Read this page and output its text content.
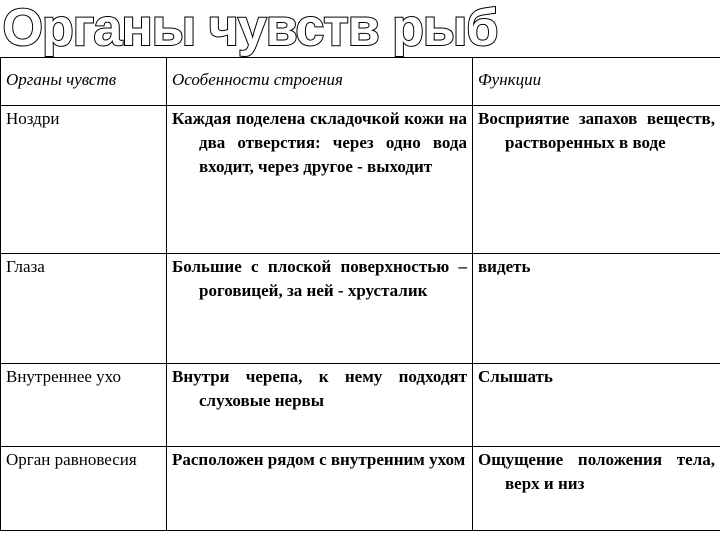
Органы чувств рыб
Органы чувств	Особенности строения	Функции

Ноздри	Каждая поделена складочкой кожи на два отверстия: через одно вода входит, через другое - выходит	Восприятие запахов веществ, растворенных в воде

Глаза	Большие с плоской поверхностью – роговицей, за ней - хрусталик	видеть

Внутреннее ухо	Внутри черепа, к нему подходят слуховые нервы	Слышать

Орган равновесия	Расположен рядом с внутренним ухом	Ощущение положения тела, верх и низ
